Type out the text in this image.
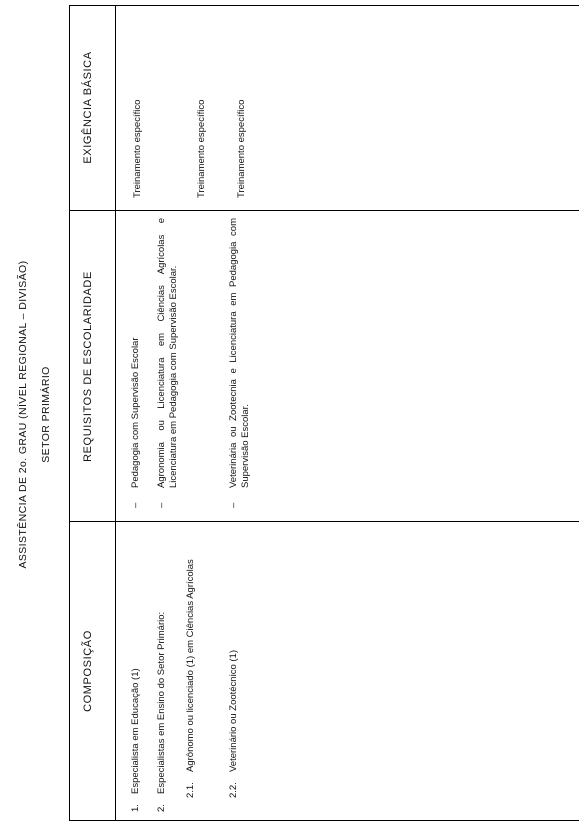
ASSISTÊNCIA DE 2o. GRAU (NÍVEL REGIONAL – DIVISÃO) SETOR PRIMÁRIO
COMPOSIÇÃO
REQUISITOS DE ESCOLARIDADE
EXIGÊNCIA BÁSICA
1.
Especialista em Educação (1)
2.
Especialistas em Ensino do Setor Primário: 2.1.
Agrônomo ou licenciado (1) em Ciências Agrícolas
2.2.
Veterinário ou Zootécnico (1)
–
Pedagogia com Supervisão Escolar
–
Agronomia ou Licenciatura em Ciências Agrícolas e Licenciatura em Pedagogia com Supervisão Escolar.
–
Veterinária ou Zootecnia e Licenciatura em Pedagogia com Supervisão Escolar.
Treinamento específico	Treinamento específico	Treinamento específico
